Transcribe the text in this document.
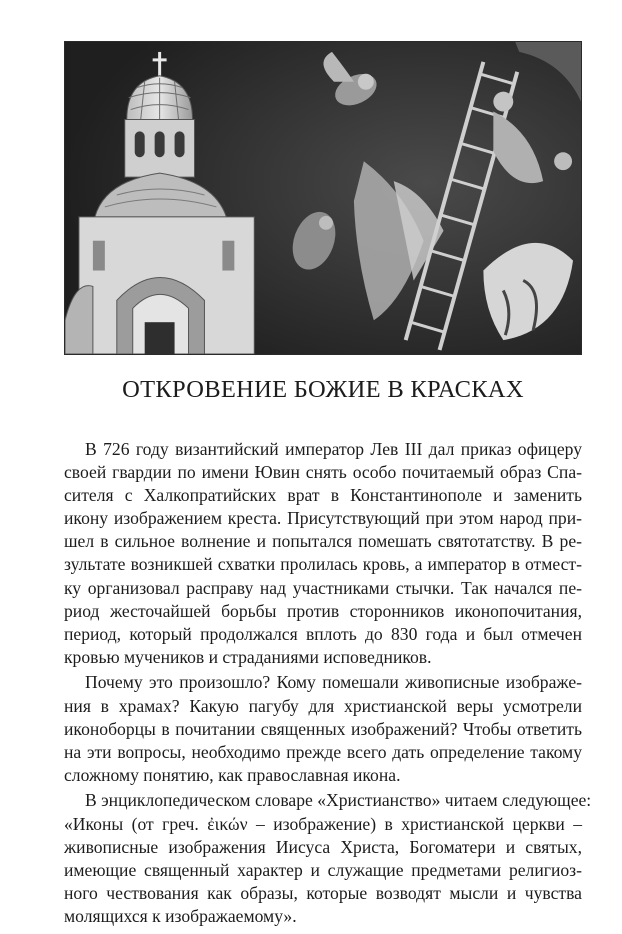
ОТКРОВЕНИЕ БОЖИЕ В КРАСКАХ
В 726 году византийский император Лев III дал приказ офицеру
своей гвардии по имени Ювин снять особо почитаемый образ Спа-
сителя с Халкопратийских врат в Константинополе и заменить
икону изображением креста. Присутствующий при этом народ при-
шел в сильное волнение и попытался помешать святотатству. В ре-
зультате возникшей схватки пролилась кровь, а император в отмест-
ку организовал расправу над участниками стычки. Так начался пе-
риод жесточайшей борьбы против сторонников иконопочитания,
период, который продолжался вплоть до 830 года и был отмечен
кровью мучеников и страданиями исповедников.
Почему это произошло? Кому помешали живописные изображе-
ния в храмах? Какую пагубу для христианской веры усмотрели
иконоборцы в почитании священных изображений? Чтобы ответить
на эти вопросы, необходимо прежде всего дать определение такому
сложному понятию, как православная икона.
В энциклопедическом словаре «Христианство» читаем следующее:
«Иконы (от греч. ἐικών – изображение) в христианской церкви –
живописные изображения Иисуса Христа, Богоматери и святых,
имеющие священный характер и служащие предметами религиоз-
ного чествования как образы, которые возводят мысли и чувства
молящихся к изображаемому».
